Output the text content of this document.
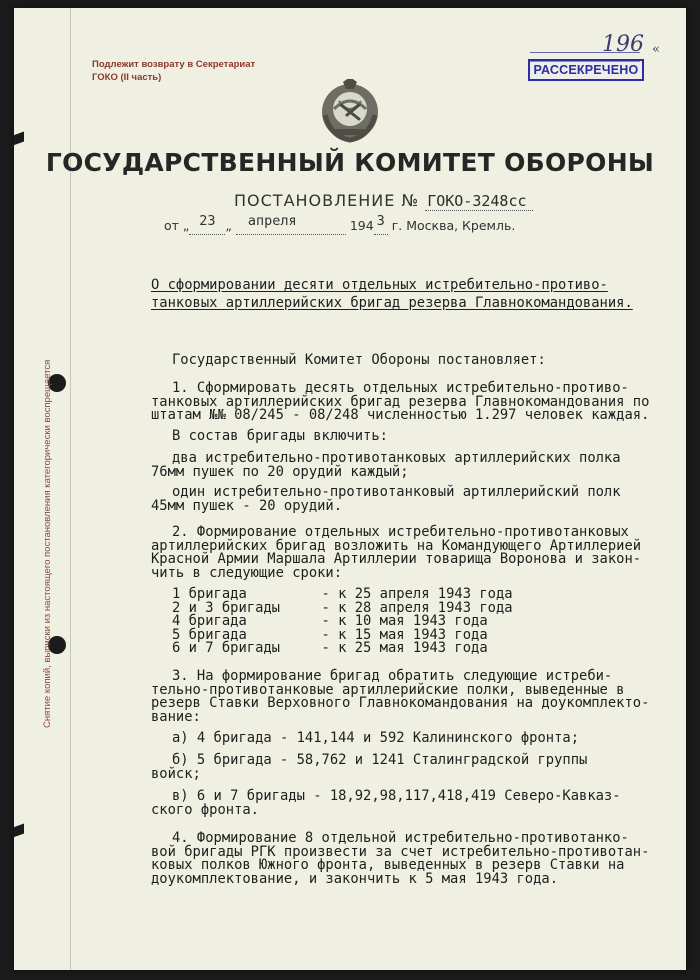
Снятие копий, выписки из настоящего постановления категорически воспрещается
Подлежит возврату в Секретариат
ГОКО (II часть)
196 «
РАССЕКРЕЧЕНО
ГОСУДАРСТВЕННЫЙ КОМИТЕТ ОБОРОНЫ
ПОСТАНОВЛЕНИЕ № ГОКО-3248сс
от „ 23 „ апреля	194 3 г. Москва, Кремль.
О сформировании десяти отдельных истребительно-противо-
танковых артиллерийских бригад резерва Главнокомандования.
Государственный Комитет Обороны постановляет:
1. Сформировать десять отдельных истребительно-противо-
танковых артиллерийских бригад резерва Главнокомандования по
штатам №№ 08/245 - 08/248 численностью 1.297 человек каждая.
В состав бригады включить:
два истребительно-противотанковых артиллерийских полка
76мм пушек по 20 орудий каждый;
один истребительно-противотанковый артиллерийский полк
45мм пушек - 20 орудий.
2. Формирование отдельных истребительно-противотанковых
артиллерийских бригад возложить на Командующего Артиллерией
Красной Армии Маршала Артиллерии товарища Воронова и закон-
чить в следующие сроки:
1 бригада         - к 25 апреля 1943 года
2 и 3 бригады     - к 28 апреля 1943 года
4 бригада         - к 10 мая 1943 года
5 бригада         - к 15 мая 1943 года
6 и 7 бригады     - к 25 мая 1943 года
3. На формирование бригад обратить следующие истреби-
тельно-противотанковые артиллерийские полки, выведенные в
резерв Ставки Верховного Главнокомандования на доукомплекто-
вание:
а) 4 бригада - 141,144 и 592 Калининского фронта;
б) 5 бригада - 58,762 и 1241 Сталинградской группы
войск;
в) 6 и 7 бригады - 18,92,98,117,418,419 Северо-Кавказ-
ского фронта.
4. Формирование 8 отдельной истребительно-противотанко-
вой бригады РГК произвести за счет истребительно-противотан-
ковых полков Южного фронта, выведенных в резерв Ставки на
доукомплектование, и закончить к 5 мая 1943 года.
